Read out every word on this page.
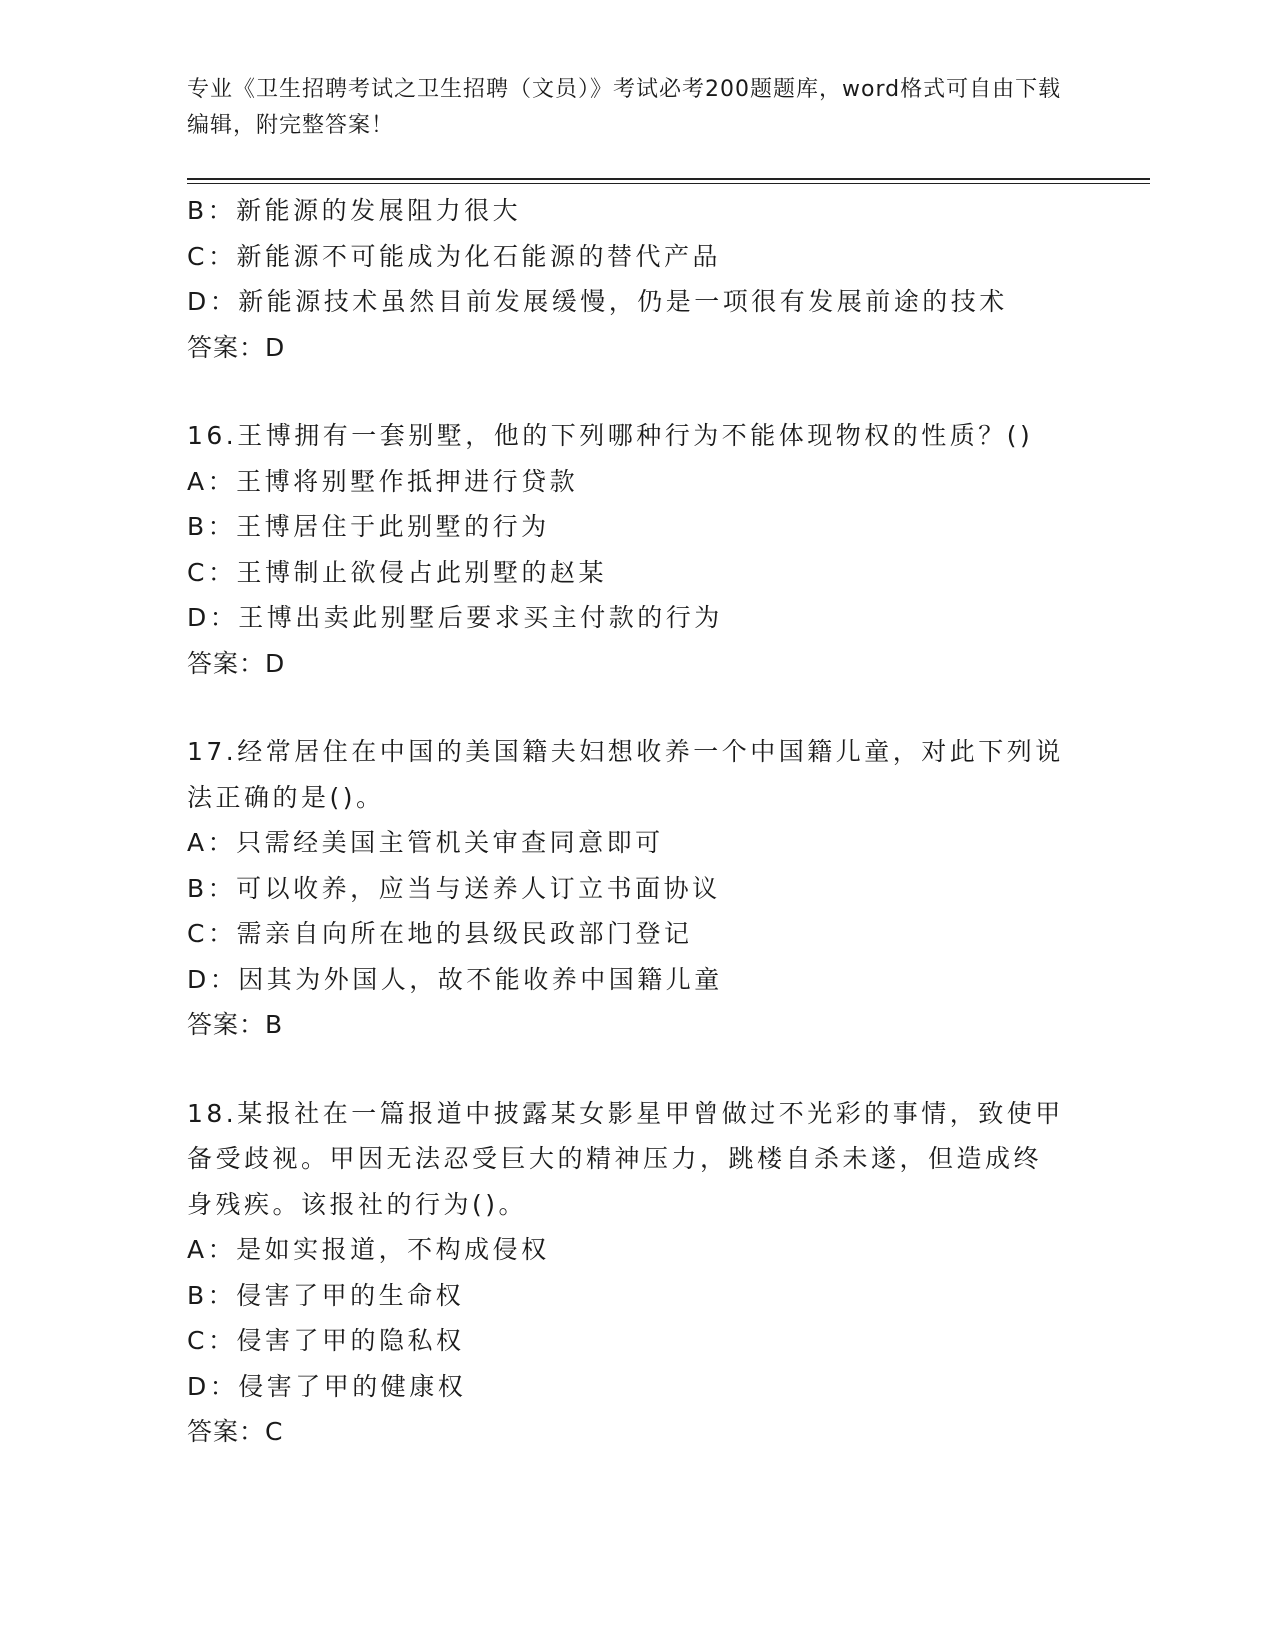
专业《卫生招聘考试之卫生招聘（文员）》考试必考200题题库，word格式可自由下载编辑，附完整答案！
B：新能源的发展阻力很大
C：新能源不可能成为化石能源的替代产品
D：新能源技术虽然目前发展缓慢，仍是一项很有发展前途的技术
答案：D
16.王博拥有一套别墅，他的下列哪种行为不能体现物权的性质？()
A：王博将别墅作抵押进行贷款
B：王博居住于此别墅的行为
C：王博制止欲侵占此别墅的赵某
D：王博出卖此别墅后要求买主付款的行为
答案：D
17.经常居住在中国的美国籍夫妇想收养一个中国籍儿童，对此下列说法正确的是()。
A：只需经美国主管机关审查同意即可
B：可以收养，应当与送养人订立书面协议
C：需亲自向所在地的县级民政部门登记
D：因其为外国人，故不能收养中国籍儿童
答案：B
18.某报社在一篇报道中披露某女影星甲曾做过不光彩的事情，致使甲备受歧视。甲因无法忍受巨大的精神压力，跳楼自杀未遂，但造成终身残疾。该报社的行为()。
A：是如实报道，不构成侵权
B：侵害了甲的生命权
C：侵害了甲的隐私权
D：侵害了甲的健康权
答案：C
